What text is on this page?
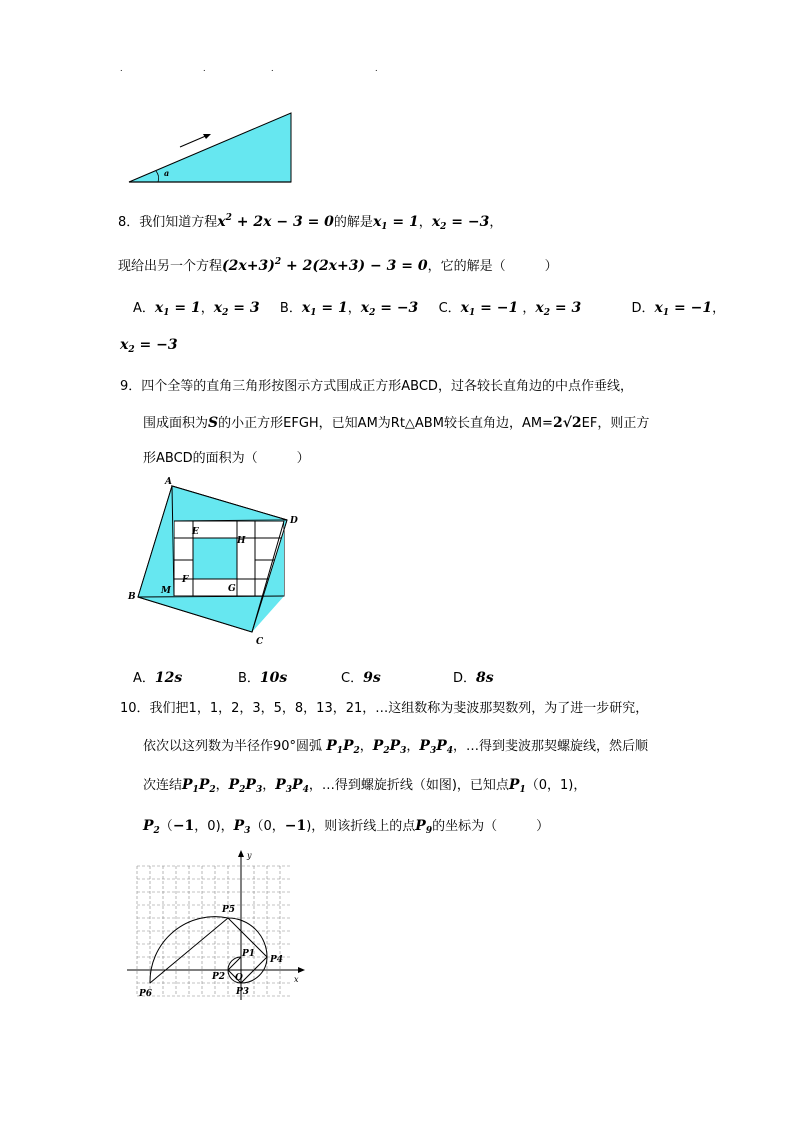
.	.	.	.
a
8．我们知道方程$x^2 + 2x - 3 = 0$的解是$x_1 = 1$，$x_2 = -3$，
现给出另一个方程$(2x+3)^2 + 2(2x+3) - 3 = 0$，它的解是（　　　）
A．$x_1 = 1$，$x_2 = 3$ B．$x_1 = 1$，$x_2 = -3$ C．$x_1 = -1$ ，$x_2 = 3$	D．$x_1 = -1$，
$x_2 = -3$
9．四个全等的直角三角形按图示方式围成正方形ABCD，过各较长直角边的中点作垂线，
围成面积为S的小正方形EFGH，已知AM为Rt△ABM较长直角边，AM=2√2EF，则正方
形ABCD的面积为（　　　）
A
B
C
D
E
F
G
H
M
A．12s	B．10s	C．9s	D．8s
10．我们把1，1，2，3，5，8，13，21，…这组数称为斐波那契数列，为了进一步研究，
依次以这列数为半径作90°圆弧 $P_1P_2$，$P_2P_3$，$P_3P_4$，…得到斐波那契螺旋线，然后顺
次连结$P_1P_2$，$P_2P_3$，$P_3P_4$，…得到螺旋折线（如图)，已知点$P_1(0$，1)，
$P_2(-1$，0)，$P_3(0$，−1)，则该折线上的点$P_9$的坐标为（　　　）
y
x
O
P1
P2
P3
P4
P5
P6
